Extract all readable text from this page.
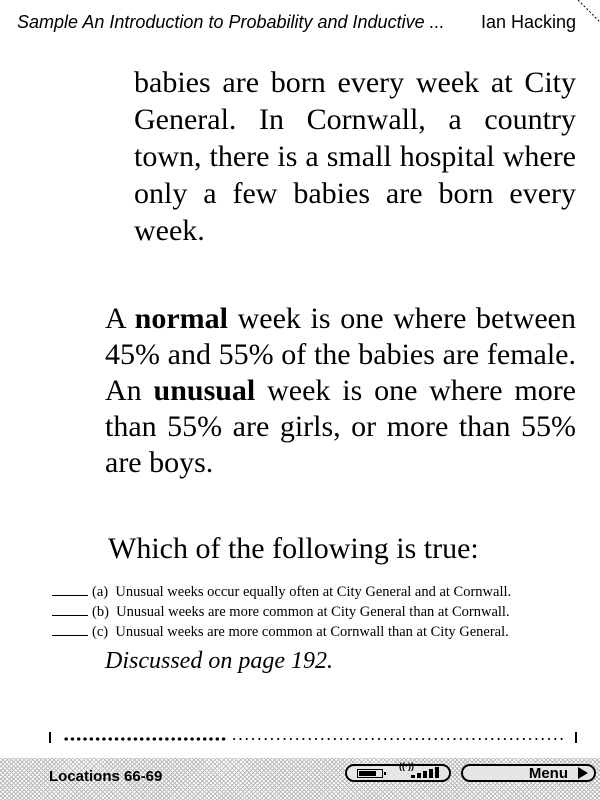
Sample An Introduction to Probability and Inductive ... Ian Hacking

babies are born every week at City General. In Cornwall, a country town, there is a small hospital where only a few babies are born every week.

A normal week is one where between 45% and 55% of the babies are female. An unusual week is one where more than 55% are girls, or more than 55% are boys.

Which of the following is true:

(a) Unusual weeks occur equally often at City General and at Cornwall.
(b) Unusual weeks are more common at City General than at Cornwall.
(c) Unusual weeks are more common at Cornwall than at City General.

Discussed on page 192.

Locations 66-69
((·))	Menu
